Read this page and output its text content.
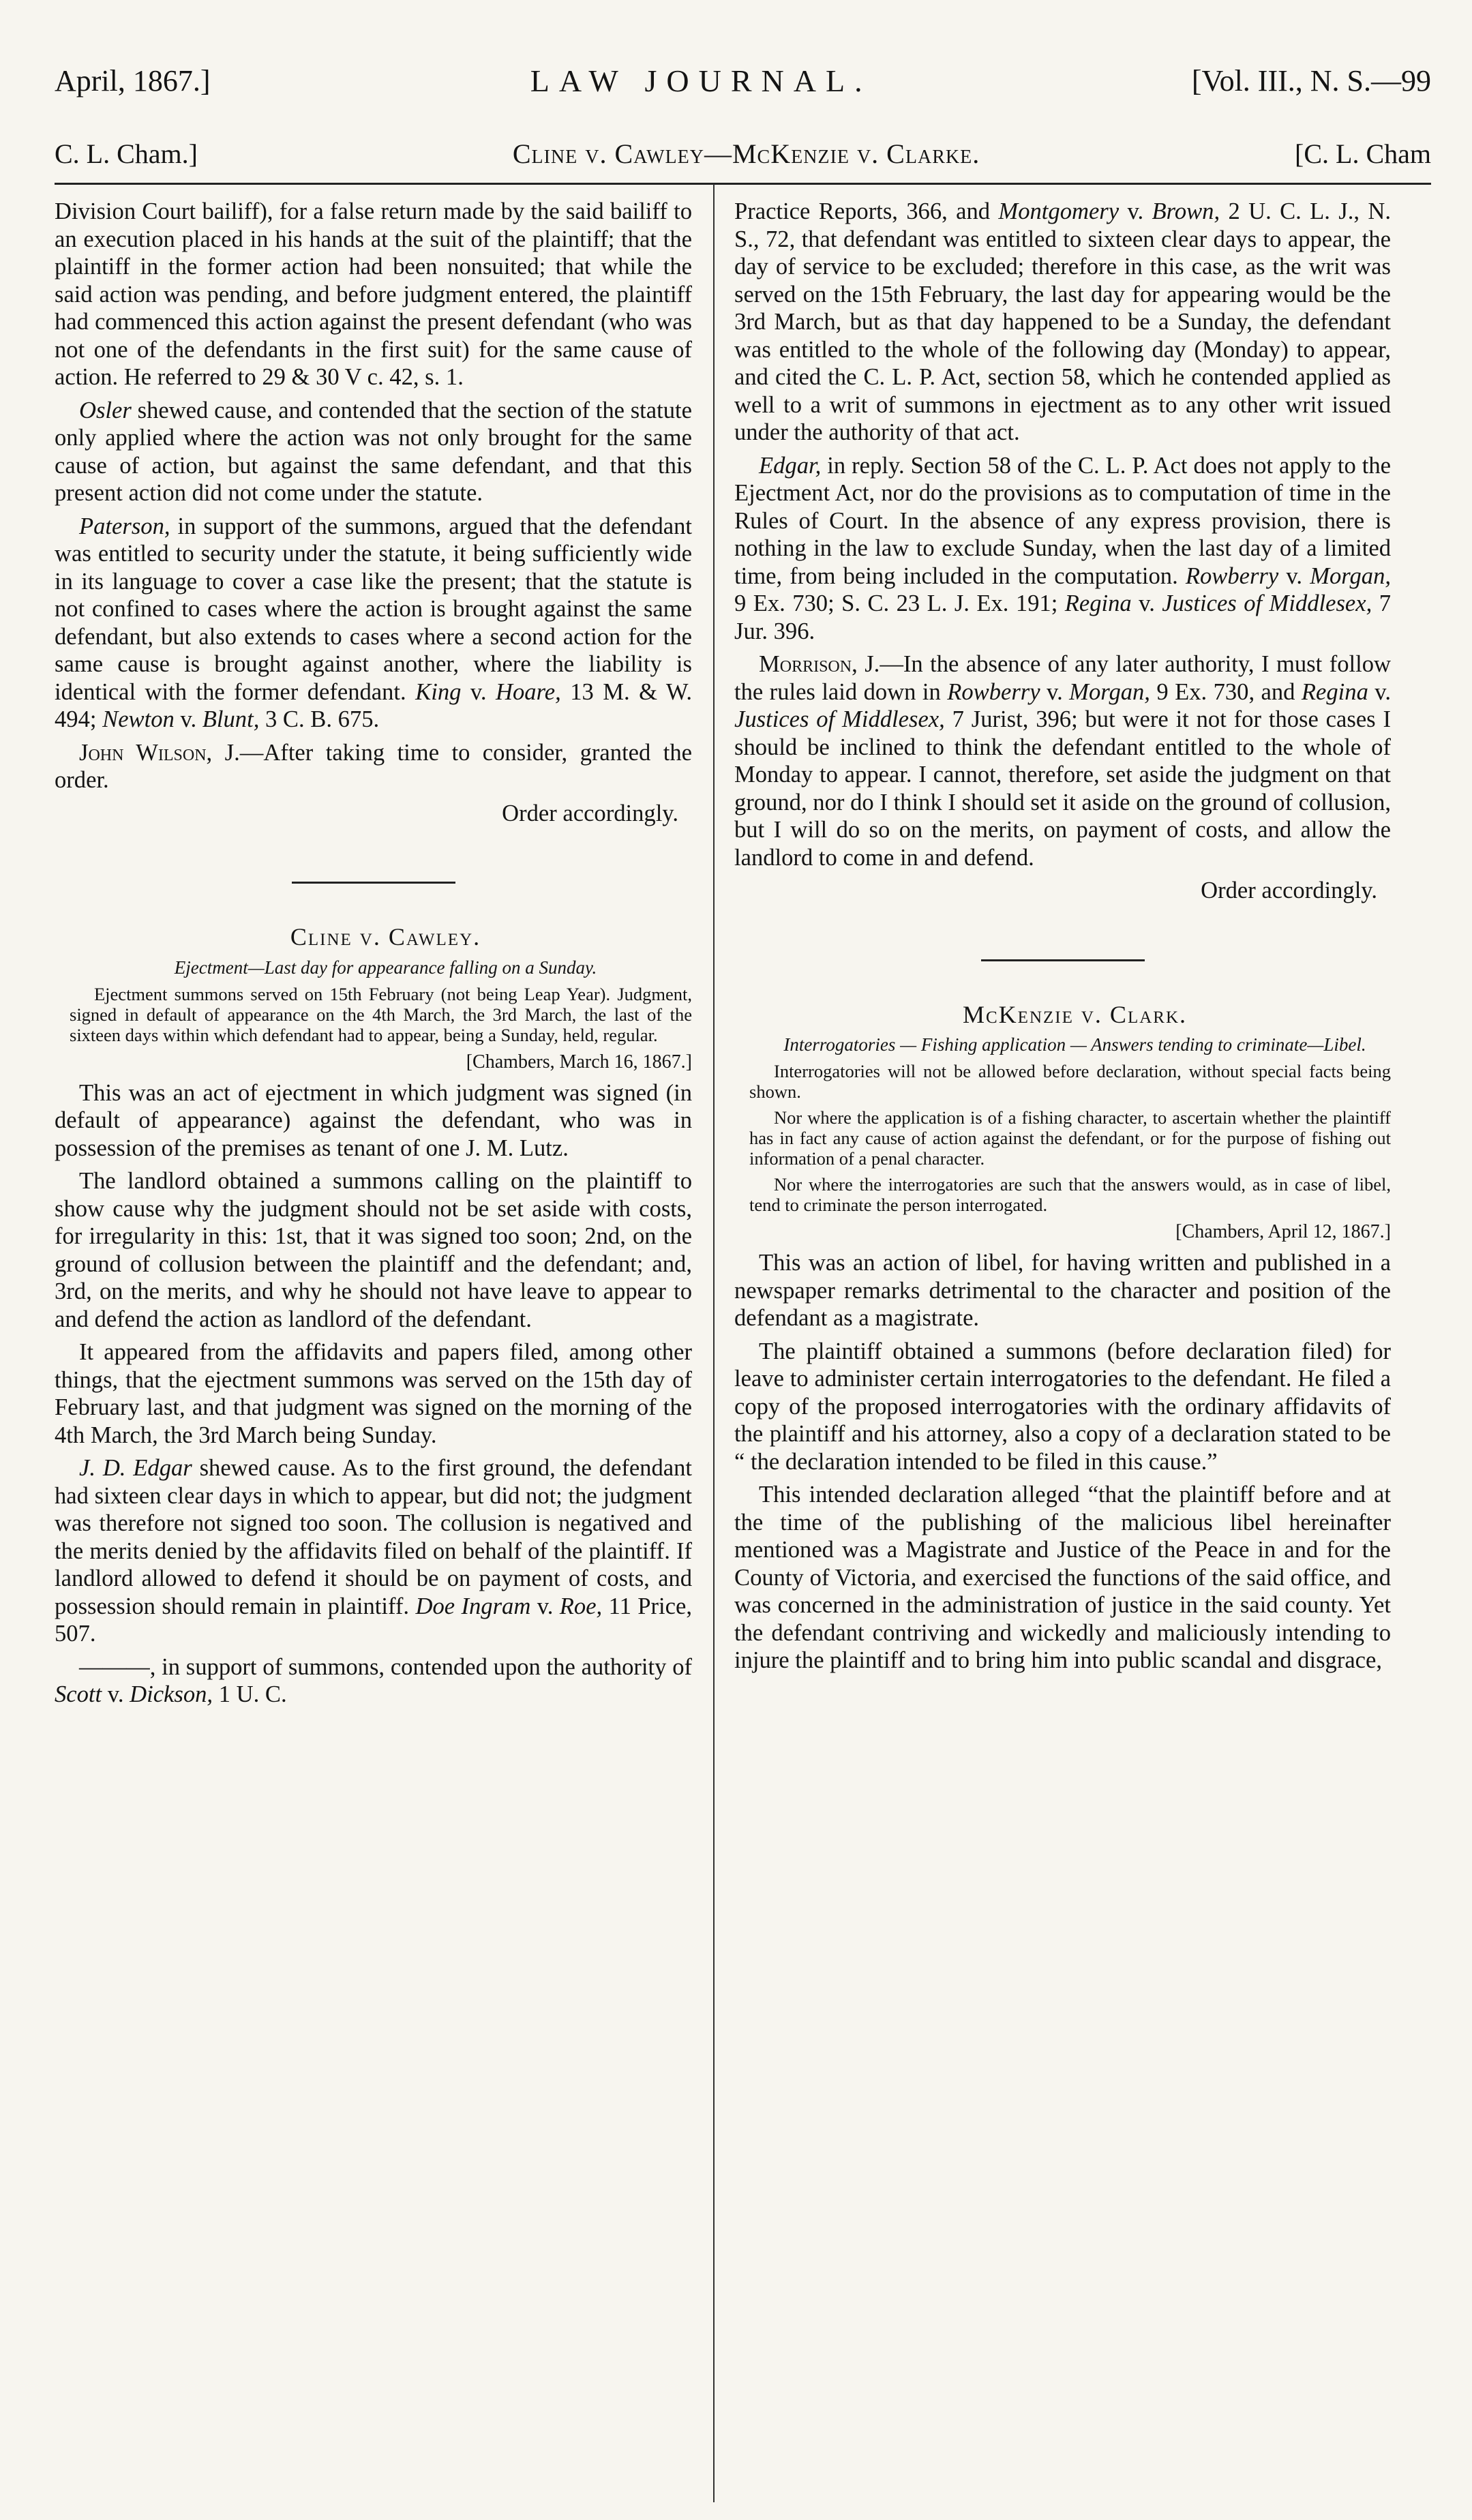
April, 1867.]	LAW JOURNAL.	[Vol. III., N. S.—99
C. L. Cham.]	Cline v. Cawley—McKenzie v. Clarke.	[C. L. Cham

Division Court bailiff), for a false return made by the said bailiff to an execution placed in his hands at the suit of the plaintiff; that the plaintiff in the former action had been nonsuited; that while the said action was pending, and before judgment entered, the plaintiff had commenced this action against the present defendant (who was not one of the defendants in the first suit) for the same cause of action. He referred to 29 & 30 V c. 42, s. 1.

Osler shewed cause, and contended that the section of the statute only applied where the action was not only brought for the same cause of action, but against the same defendant, and that this present action did not come under the statute.

Paterson, in support of the summons, argued that the defendant was entitled to security under the statute, it being sufficiently wide in its language to cover a case like the present; that the statute is not confined to cases where the action is brought against the same defendant, but also extends to cases where a second action for the same cause is brought against another, where the liability is identical with the former defendant. King v. Hoare, 13 M. & W. 494; Newton v. Blunt, 3 C. B. 675.

John Wilson, J.—After taking time to consider, granted the order.

Order accordingly.

Cline v. Cawley.

Ejectment—Last day for appearance falling on a Sunday.

Ejectment summons served on 15th February (not being Leap Year). Judgment, signed in default of appearance on the 4th March, the 3rd March, the last of the sixteen days within which defendant had to appear, being a Sunday, held, regular.

[Chambers, March 16, 1867.]

This was an act of ejectment in which judgment was signed (in default of appearance) against the defendant, who was in possession of the premises as tenant of one J. M. Lutz.

The landlord obtained a summons calling on the plaintiff to show cause why the judgment should not be set aside with costs, for irregularity in this: 1st, that it was signed too soon; 2nd, on the ground of collusion between the plaintiff and the defendant; and, 3rd, on the merits, and why he should not have leave to appear to and defend the action as landlord of the defendant.

It appeared from the affidavits and papers filed, among other things, that the ejectment summons was served on the 15th day of February last, and that judgment was signed on the morning of the 4th March, the 3rd March being Sunday.

J. D. Edgar shewed cause. As to the first ground, the defendant had sixteen clear days in which to appear, but did not; the judgment was therefore not signed too soon. The collusion is negatived and the merits denied by the affidavits filed on behalf of the plaintiff. If landlord allowed to defend it should be on payment of costs, and possession should remain in plaintiff. Doe Ingram v. Roe, 11 Price, 507.

———, in support of summons, contended upon the authority of Scott v. Dickson, 1 U. C.

Practice Reports, 366, and Montgomery v. Brown, 2 U. C. L. J., N. S., 72, that defendant was entitled to sixteen clear days to appear, the day of service to be excluded; therefore in this case, as the writ was served on the 15th February, the last day for appearing would be the 3rd March, but as that day happened to be a Sunday, the defendant was entitled to the whole of the following day (Monday) to appear, and cited the C. L. P. Act, section 58, which he contended applied as well to a writ of summons in ejectment as to any other writ issued under the authority of that act.

Edgar, in reply. Section 58 of the C. L. P. Act does not apply to the Ejectment Act, nor do the provisions as to computation of time in the Rules of Court. In the absence of any express provision, there is nothing in the law to exclude Sunday, when the last day of a limited time, from being included in the computation. Rowberry v. Morgan, 9 Ex. 730; S. C. 23 L. J. Ex. 191; Regina v. Justices of Middlesex, 7 Jur. 396.

Morrison, J.—In the absence of any later authority, I must follow the rules laid down in Rowberry v. Morgan, 9 Ex. 730, and Regina v. Justices of Middlesex, 7 Jurist, 396; but were it not for those cases I should be inclined to think the defendant entitled to the whole of Monday to appear. I cannot, therefore, set aside the judgment on that ground, nor do I think I should set it aside on the ground of collusion, but I will do so on the merits, on payment of costs, and allow the landlord to come in and defend.

Order accordingly.

McKenzie v. Clark.

Interrogatories — Fishing application — Answers tending to criminate—Libel.

Interrogatories will not be allowed before declaration, without special facts being shown.

Nor where the application is of a fishing character, to ascertain whether the plaintiff has in fact any cause of action against the defendant, or for the purpose of fishing out information of a penal character.

Nor where the interrogatories are such that the answers would, as in case of libel, tend to criminate the person interrogated.

[Chambers, April 12, 1867.]

This was an action of libel, for having written and published in a newspaper remarks detrimental to the character and position of the defendant as a magistrate.

The plaintiff obtained a summons (before declaration filed) for leave to administer certain interrogatories to the defendant. He filed a copy of the proposed interrogatories with the ordinary affidavits of the plaintiff and his attorney, also a copy of a declaration stated to be “ the declaration intended to be filed in this cause.”

This intended declaration alleged “that the plaintiff before and at the time of the publishing of the malicious libel hereinafter mentioned was a Magistrate and Justice of the Peace in and for the County of Victoria, and exercised the functions of the said office, and was concerned in the administration of justice in the said county. Yet the defendant contriving and wickedly and maliciously intending to injure the plaintiff and to bring him into public scandal and disgrace,
